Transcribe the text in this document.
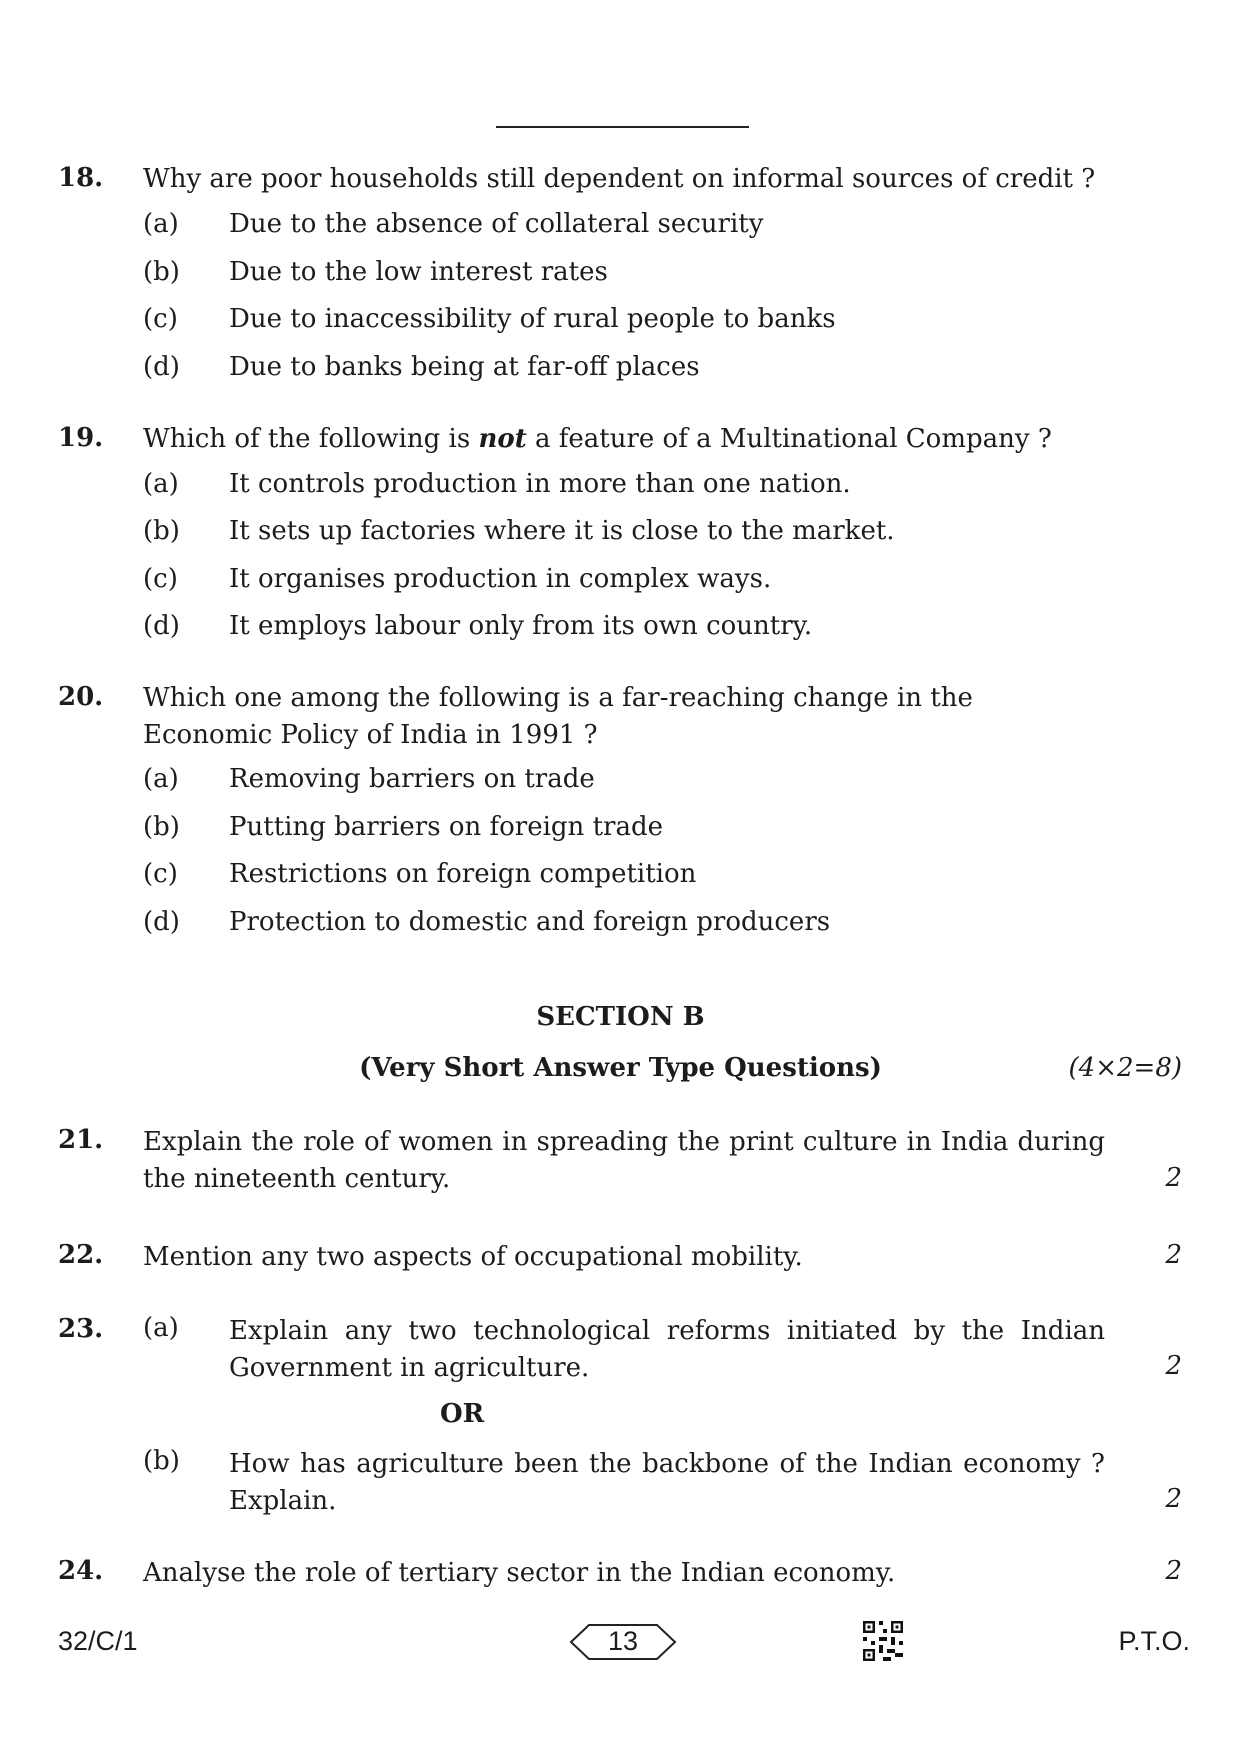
18. Why are poor households still dependent on informal sources of credit ?
(a) Due to the absence of collateral security
(b) Due to the low interest rates
(c) Due to inaccessibility of rural people to banks
(d) Due to banks being at far-off places
19. Which of the following is not a feature of a Multinational Company ?
(a) It controls production in more than one nation.
(b) It sets up factories where it is close to the market.
(c) It organises production in complex ways.
(d) It employs labour only from its own country.
20. Which one among the following is a far-reaching change in the Economic Policy of India in 1991 ?
(a) Removing barriers on trade
(b) Putting barriers on foreign trade
(c) Restrictions on foreign competition
(d) Protection to domestic and foreign producers
SECTION B
(Very Short Answer Type Questions)	(4×2=8)
21. Explain the role of women in spreading the print culture in India during the nineteenth century.	2
22. Mention any two aspects of occupational mobility.	2
23. (a) Explain any two technological reforms initiated by the Indian Government in agriculture.	2
OR
(b) How has agriculture been the backbone of the Indian economy ? Explain.	2
24. Analyse the role of tertiary sector in the Indian economy.	2
32/C/1	13	P.T.O.
